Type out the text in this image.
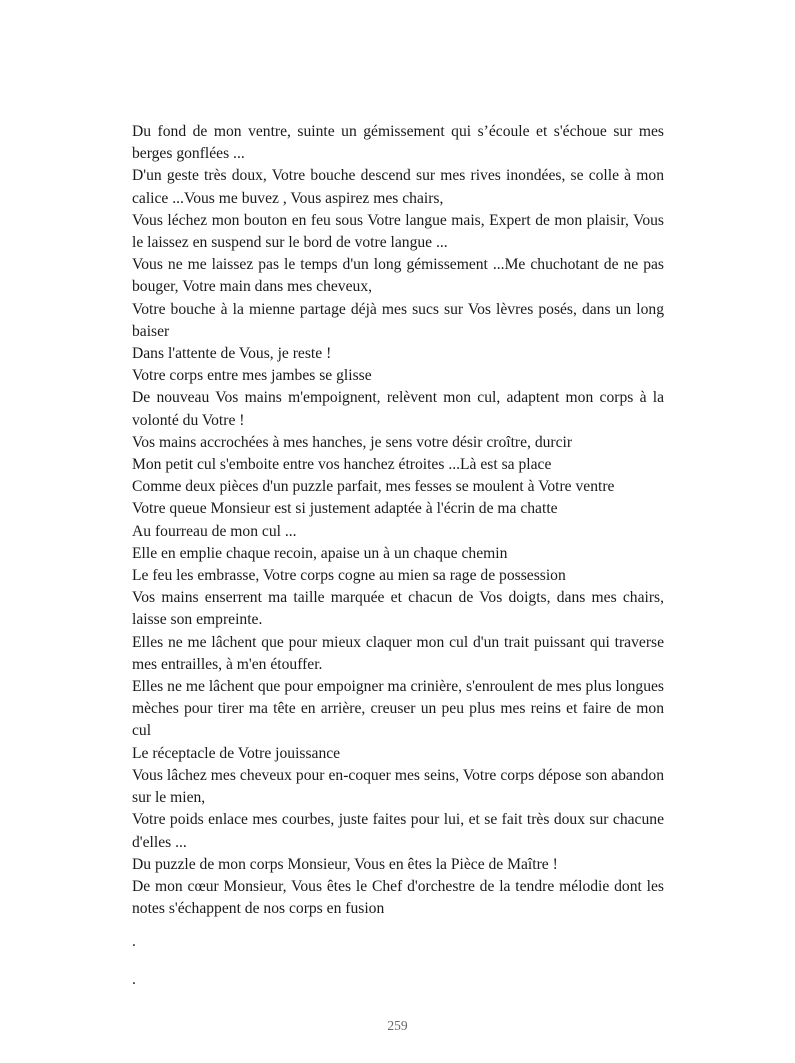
Du fond de mon ventre, suinte un gémissement qui s’écoule et s'échoue sur mes berges gonflées ...

D'un geste très doux, Votre bouche descend sur mes rives inondées, se colle à mon calice ...Vous me buvez , Vous aspirez mes chairs,

Vous léchez mon bouton en feu sous Votre langue mais, Expert de mon plaisir, Vous le laissez en suspend sur le bord de votre langue ...

Vous ne me laissez pas le temps d'un long gémissement ...Me chuchotant de ne pas bouger, Votre main dans mes cheveux,

Votre bouche à la mienne partage déjà mes sucs sur Vos lèvres posés, dans un long baiser

Dans l'attente de Vous, je reste !

Votre corps entre mes jambes se glisse

De nouveau Vos mains m'empoignent, relèvent mon cul, adaptent mon corps à la volonté du Votre !

Vos mains accrochées à mes hanches, je sens votre désir croître, durcir

Mon petit cul s'emboite entre vos hanchez étroites ...Là est sa place

Comme deux pièces d'un puzzle parfait, mes fesses se moulent à Votre ventre

Votre queue Monsieur est si justement adaptée à l'écrin de ma chatte

Au fourreau de mon cul ...

Elle en emplie chaque recoin, apaise un à un chaque chemin

Le feu les embrasse, Votre corps cogne au mien sa rage de possession

Vos mains enserrent ma taille marquée et chacun de Vos doigts, dans mes chairs, laisse son empreinte.

Elles ne me lâchent que pour mieux claquer mon cul d'un trait puissant qui traverse mes entrailles, à m'en étouffer.

Elles ne me lâchent que pour empoigner ma crinière, s'enroulent de mes plus longues mèches pour tirer ma tête en arrière, creuser un peu plus mes reins et faire de mon cul

Le réceptacle de Votre jouissance

Vous lâchez mes cheveux pour en-coquer mes seins, Votre corps dépose son abandon sur le mien,

Votre poids enlace mes courbes, juste faites pour lui, et se fait très doux sur chacune d'elles ...

Du puzzle de mon corps Monsieur, Vous en êtes la Pièce de Maître !

De mon cœur Monsieur, Vous êtes le Chef d'orchestre de la tendre mélodie dont les notes s'échappent de nos corps en fusion

.
.
259
